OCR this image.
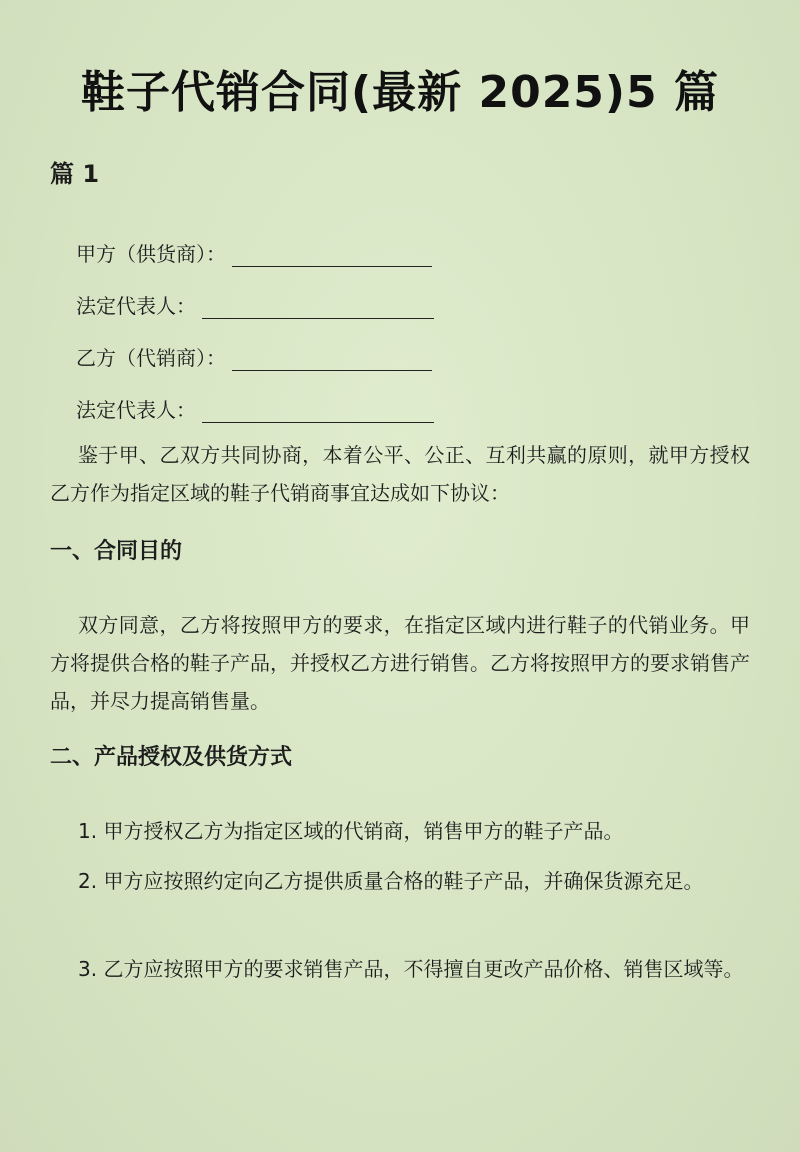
鞋子代销合同(最新 2025)5 篇
篇 1
甲方（供货商）：
法定代表人：
乙方（代销商）：
法定代表人：
鉴于甲、乙双方共同协商，本着公平、公正、互利共赢的原则，就甲方授权乙方作为指定区域的鞋子代销商事宜达成如下协议：
一、合同目的
双方同意，乙方将按照甲方的要求，在指定区域内进行鞋子的代销业务。甲方将提供合格的鞋子产品，并授权乙方进行销售。乙方将按照甲方的要求销售产品，并尽力提高销售量。
二、产品授权及供货方式
1. 甲方授权乙方为指定区域的代销商，销售甲方的鞋子产品。
2. 甲方应按照约定向乙方提供质量合格的鞋子产品，并确保货源充足。
3. 乙方应按照甲方的要求销售产品，不得擅自更改产品价格、销售区域等。
